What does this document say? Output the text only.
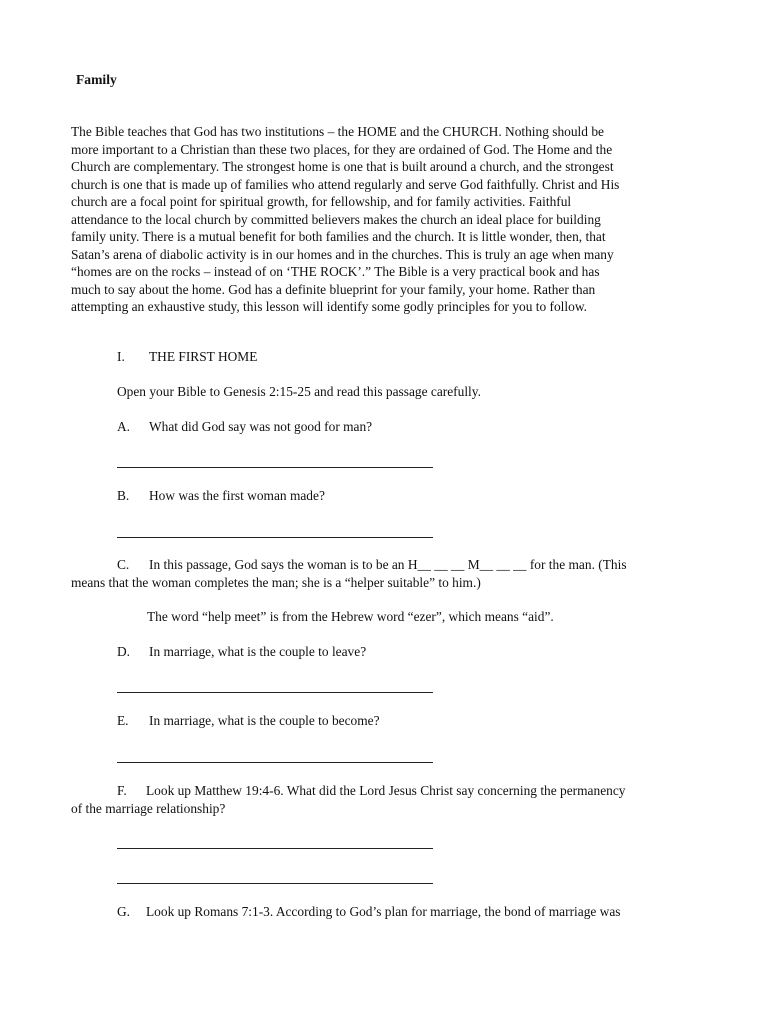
Family
The Bible teaches that God has two institutions – the HOME and the CHURCH. Nothing should be
more important to a Christian than these two places, for they are ordained of God. The Home and the
Church are complementary. The strongest home is one that is built around a church, and the strongest
church is one that is made up of families who attend regularly and serve God faithfully. Christ and His
church are a focal point for spiritual growth, for fellowship, and for family activities. Faithful
attendance to the local church by committed believers makes the church an ideal place for building
family unity. There is a mutual benefit for both families and the church. It is little wonder, then, that
Satan’s arena of diabolic activity is in our homes and in the churches. This is truly an age when many
“homes are on the rocks – instead of on ‘THE ROCK’.” The Bible is a very practical book and has
much to say about the home. God has a definite blueprint for your family, your home. Rather than
attempting an exhaustive study, this lesson will identify some godly principles for you to follow.
I. THE FIRST HOME
Open your Bible to Genesis 2:15-25 and read this passage carefully.
A. What did God say was not good for man?
B. How was the first woman made?
C. In this passage, God says the woman is to be an H__ __ __ M__ __ __ for the man. (This
means that the woman completes the man; she is a “helper suitable” to him.)
The word “help meet” is from the Hebrew word “ezer”, which means “aid”.
D. In marriage, what is the couple to leave?
E. In marriage, what is the couple to become?
F. Look up Matthew 19:4-6. What did the Lord Jesus Christ say concerning the permanency
of the marriage relationship?
G. Look up Romans 7:1-3. According to God’s plan for marriage, the bond of marriage was
